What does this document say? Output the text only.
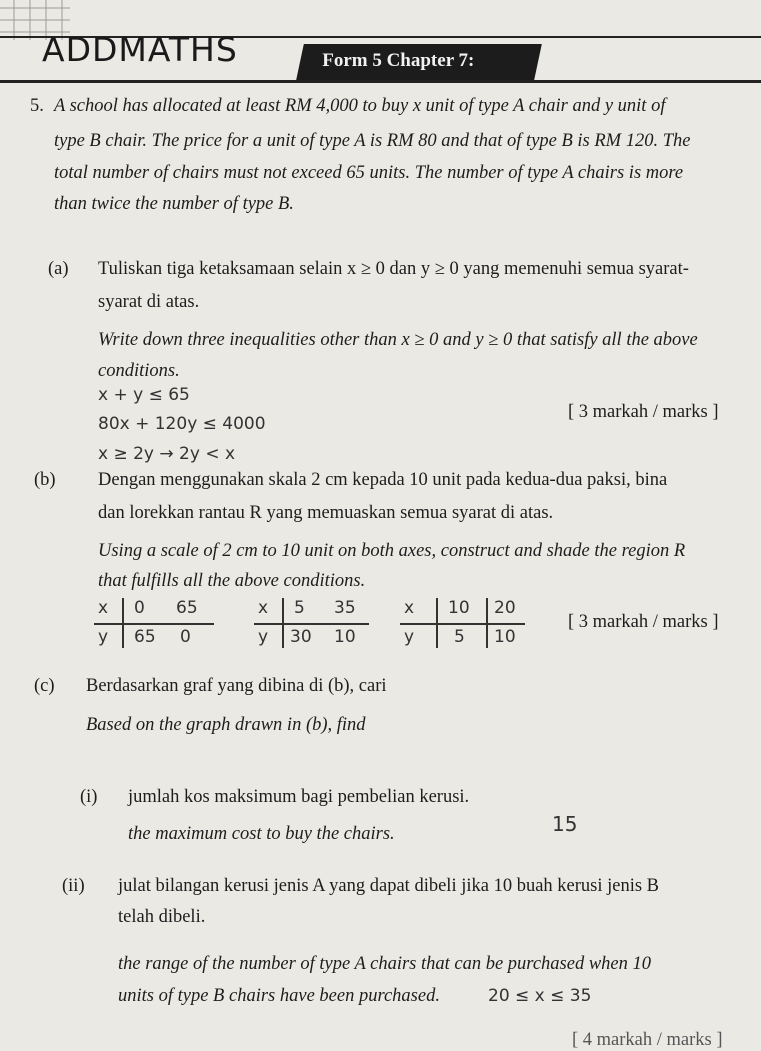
ADDMATHS	Form 5 Chapter 7:
5. A school has allocated at least RM 4,000 to buy x unit of type A chair and y unit of
type B chair. The price for a unit of type A is RM 80 and that of type B is RM 120. The
total number of chairs must not exceed 65 units. The number of type A chairs is more
than twice the number of type B.
(a) Tuliskan tiga ketaksamaan selain x ≥ 0 dan y ≥ 0 yang memenuhi semua syarat-
syarat di atas.
Write down three inequalities other than x ≥ 0 and y ≥ 0 that satisfy all the above
conditions.
x + y ≤ 65
80x + 120y ≤ 4000
x ≥ 2y → 2y < x
[ 3 markah / marks ]
(b) Dengan menggunakan skala 2 cm kepada 10 unit pada kedua-dua paksi, bina
dan lorekkan rantau R yang memuaskan semua syarat di atas.
Using a scale of 2 cm to 10 unit on both axes, construct and shade the region R
that fulfills all the above conditions.
x 0 65
y 65 0
x 5 35
y 30 10
x 10 20
y 5 10
[ 3 markah / marks ]
(c) Berdasarkan graf yang dibina di (b), cari
Based on the graph drawn in (b), find
(i) jumlah kos maksimum bagi pembelian kerusi.
the maximum cost to buy the chairs.	15
(ii) julat bilangan kerusi jenis A yang dapat dibeli jika 10 buah kerusi jenis B
telah dibeli.
the range of the number of type A chairs that can be purchased when 10
units of type B chairs have been purchased.	20 ≤ x ≤ 35
[ 4 markah / marks ]
